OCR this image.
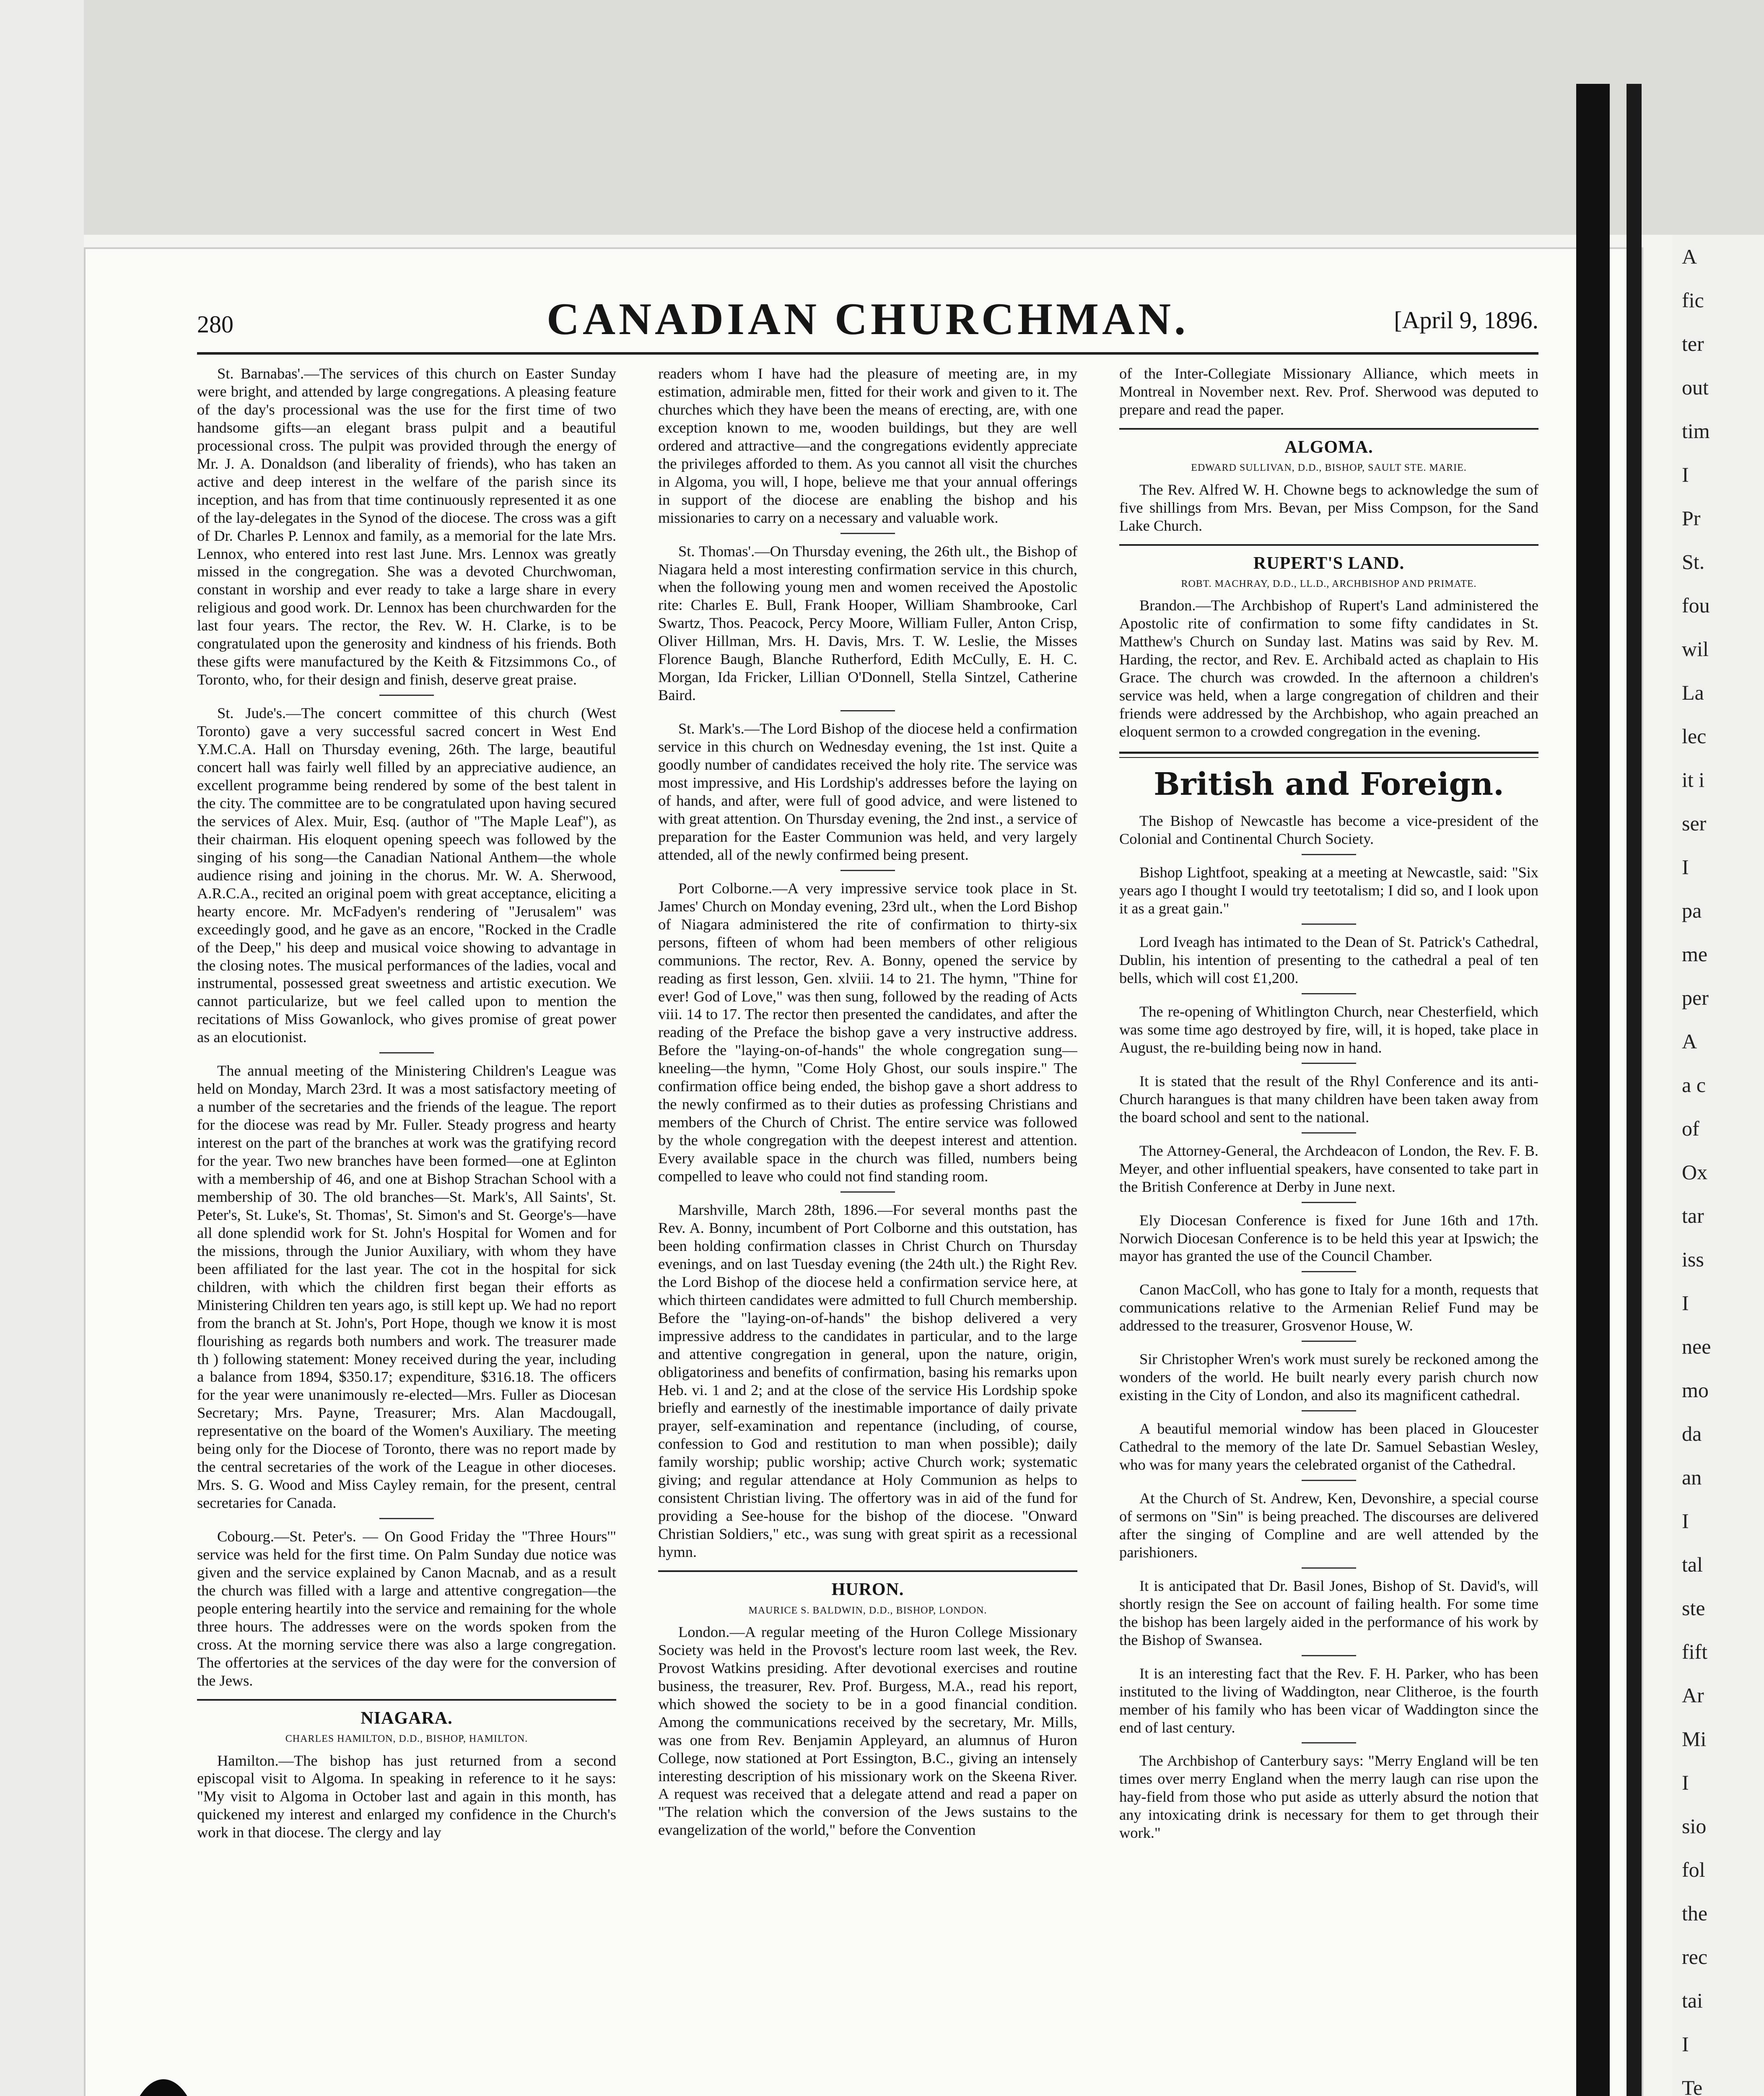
A
fic
ter
out
tim
I
Pr
St.
fou
wil
La
lec
it i
ser
I
pa
me
per
A
a c
of
Ox
tar
iss
I
nee
mo
da
an
I
tal
ste
fift
Ar
Mi
I
sio
fol
the
rec
tai
I
Te
CANADIAN CHURCHMAN.
280	[April 9, 1896.

St. Barnabas'.—The services of this church on Easter Sunday were bright, and attended by large congregations. A pleasing feature of the day's processional was the use for the first time of two handsome gifts—an elegant brass pulpit and a beautiful processional cross. The pulpit was provided through the energy of Mr. J. A. Donaldson (and liberality of friends), who has taken an active and deep interest in the welfare of the parish since its inception, and has from that time continuously represented it as one of the lay-delegates in the Synod of the diocese. The cross was a gift of Dr. Charles P. Lennox and family, as a memorial for the late Mrs. Lennox, who entered into rest last June. Mrs. Lennox was greatly missed in the congregation. She was a devoted Churchwoman, constant in worship and ever ready to take a large share in every religious and good work. Dr. Lennox has been churchwarden for the last four years. The rector, the Rev. W. H. Clarke, is to be congratulated upon the generosity and kindness of his friends. Both these gifts were manufactured by the Keith & Fitzsimmons Co., of Toronto, who, for their design and finish, deserve great praise.

St. Jude's.—The concert committee of this church (West Toronto) gave a very successful sacred concert in West End Y.M.C.A. Hall on Thursday evening, 26th. The large, beautiful concert hall was fairly well filled by an appreciative audience, an excellent programme being rendered by some of the best talent in the city. The committee are to be congratulated upon having secured the services of Alex. Muir, Esq. (author of "The Maple Leaf"), as their chairman. His eloquent opening speech was followed by the singing of his song—the Canadian National Anthem—the whole audience rising and joining in the chorus. Mr. W. A. Sherwood, A.R.C.A., recited an original poem with great acceptance, eliciting a hearty encore. Mr. McFadyen's rendering of "Jerusalem" was exceedingly good, and he gave as an encore, "Rocked in the Cradle of the Deep," his deep and musical voice showing to advantage in the closing notes. The musical performances of the ladies, vocal and instrumental, possessed great sweetness and artistic execution. We cannot particularize, but we feel called upon to mention the recitations of Miss Gowanlock, who gives promise of great power as an elocutionist.

The annual meeting of the Ministering Children's League was held on Monday, March 23rd. It was a most satisfactory meeting of a number of the secretaries and the friends of the league. The report for the diocese was read by Mr. Fuller. Steady progress and hearty interest on the part of the branches at work was the gratifying record for the year. Two new branches have been formed—one at Eglinton with a membership of 46, and one at Bishop Strachan School with a membership of 30. The old branches—St. Mark's, All Saints', St. Peter's, St. Luke's, St. Thomas', St. Simon's and St. George's—have all done splendid work for St. John's Hospital for Women and for the missions, through the Junior Auxiliary, with whom they have been affiliated for the last year. The cot in the hospital for sick children, with which the children first began their efforts as Ministering Children ten years ago, is still kept up. We had no report from the branch at St. John's, Port Hope, though we know it is most flourishing as regards both numbers and work. The treasurer made th ) following statement: Money received during the year, including a balance from 1894, $350.17; expenditure, $316.18. The officers for the year were unanimously re-elected—Mrs. Fuller as Diocesan Secretary; Mrs. Payne, Treasurer; Mrs. Alan Macdougall, representative on the board of the Women's Auxiliary. The meeting being only for the Diocese of Toronto, there was no report made by the central secretaries of the work of the League in other dioceses. Mrs. S. G. Wood and Miss Cayley remain, for the present, central secretaries for Canada.

Cobourg.—St. Peter's. — On Good Friday the "Three Hours'" service was held for the first time. On Palm Sunday due notice was given and the service explained by Canon Macnab, and as a result the church was filled with a large and attentive congregation—the people entering heartily into the service and remaining for the whole three hours. The addresses were on the words spoken from the cross. At the morning service there was also a large congregation. The offertories at the services of the day were for the conversion of the Jews.

NIAGARA.
CHARLES HAMILTON, D.D., BISHOP, HAMILTON.

Hamilton.—The bishop has just returned from a second episcopal visit to Algoma. In speaking in reference to it he says: "My visit to Algoma in October last and again in this month, has quickened my interest and enlarged my confidence in the Church's work in that diocese. The clergy and lay

readers whom I have had the pleasure of meeting are, in my estimation, admirable men, fitted for their work and given to it. The churches which they have been the means of erecting, are, with one exception known to me, wooden buildings, but they are well ordered and attractive—and the congregations evidently appreciate the privileges afforded to them. As you cannot all visit the churches in Algoma, you will, I hope, believe me that your annual offerings in support of the diocese are enabling the bishop and his missionaries to carry on a necessary and valuable work.

St. Thomas'.—On Thursday evening, the 26th ult., the Bishop of Niagara held a most interesting confirmation service in this church, when the following young men and women received the Apostolic rite: Charles E. Bull, Frank Hooper, William Shambrooke, Carl Swartz, Thos. Peacock, Percy Moore, William Fuller, Anton Crisp, Oliver Hillman, Mrs. H. Davis, Mrs. T. W. Leslie, the Misses Florence Baugh, Blanche Rutherford, Edith McCully, E. H. C. Morgan, Ida Fricker, Lillian O'Donnell, Stella Sintzel, Catherine Baird.

St. Mark's.—The Lord Bishop of the diocese held a confirmation service in this church on Wednesday evening, the 1st inst. Quite a goodly number of candidates received the holy rite. The service was most impressive, and His Lordship's addresses before the laying on of hands, and after, were full of good advice, and were listened to with great attention. On Thursday evening, the 2nd inst., a service of preparation for the Easter Communion was held, and very largely attended, all of the newly confirmed being present.

Port Colborne.—A very impressive service took place in St. James' Church on Monday evening, 23rd ult., when the Lord Bishop of Niagara administered the rite of confirmation to thirty-six persons, fifteen of whom had been members of other religious communions. The rector, Rev. A. Bonny, opened the service by reading as first lesson, Gen. xlviii. 14 to 21. The hymn, "Thine for ever! God of Love," was then sung, followed by the reading of Acts viii. 14 to 17. The rector then presented the candidates, and after the reading of the Preface the bishop gave a very instructive address. Before the "laying-on-of-hands" the whole congregation sung—kneeling—the hymn, "Come Holy Ghost, our souls inspire." The confirmation office being ended, the bishop gave a short address to the newly confirmed as to their duties as professing Christians and members of the Church of Christ. The entire service was followed by the whole congregation with the deepest interest and attention. Every available space in the church was filled, numbers being compelled to leave who could not find standing room.

Marshville, March 28th, 1896.—For several months past the Rev. A. Bonny, incumbent of Port Colborne and this outstation, has been holding confirmation classes in Christ Church on Thursday evenings, and on last Tuesday evening (the 24th ult.) the Right Rev. the Lord Bishop of the diocese held a confirmation service here, at which thirteen candidates were admitted to full Church membership. Before the "laying-on-of-hands" the bishop delivered a very impressive address to the candidates in particular, and to the large and attentive congregation in general, upon the nature, origin, obligatoriness and benefits of confirmation, basing his remarks upon Heb. vi. 1 and 2; and at the close of the service His Lordship spoke briefly and earnestly of the inestimable importance of daily private prayer, self-examination and repentance (including, of course, confession to God and restitution to man when possible); daily family worship; public worship; active Church work; systematic giving; and regular attendance at Holy Communion as helps to consistent Christian living. The offertory was in aid of the fund for providing a See-house for the bishop of the diocese. "Onward Christian Soldiers," etc., was sung with great spirit as a recessional hymn.

HURON.
MAURICE S. BALDWIN, D.D., BISHOP, LONDON.

London.—A regular meeting of the Huron College Missionary Society was held in the Provost's lecture room last week, the Rev. Provost Watkins presiding. After devotional exercises and routine business, the treasurer, Rev. Prof. Burgess, M.A., read his report, which showed the society to be in a good financial condition. Among the communications received by the secretary, Mr. Mills, was one from Rev. Benjamin Appleyard, an alumnus of Huron College, now stationed at Port Essington, B.C., giving an intensely interesting description of his missionary work on the Skeena River. A request was received that a delegate attend and read a paper on "The relation which the conversion of the Jews sustains to the evangelization of the world," before the Convention

of the Inter-Collegiate Missionary Alliance, which meets in Montreal in November next. Rev. Prof. Sherwood was deputed to prepare and read the paper.

ALGOMA.
EDWARD SULLIVAN, D.D., BISHOP, SAULT STE. MARIE.

The Rev. Alfred W. H. Chowne begs to acknowledge the sum of five shillings from Mrs. Bevan, per Miss Compson, for the Sand Lake Church.

RUPERT'S LAND.
ROBT. MACHRAY, D.D., LL.D., ARCHBISHOP AND PRIMATE.

Brandon.—The Archbishop of Rupert's Land administered the Apostolic rite of confirmation to some fifty candidates in St. Matthew's Church on Sunday last. Matins was said by Rev. M. Harding, the rector, and Rev. E. Archibald acted as chaplain to His Grace. The church was crowded. In the afternoon a children's service was held, when a large congregation of children and their friends were addressed by the Archbishop, who again preached an eloquent sermon to a crowded congregation in the evening.

British and Foreign.

The Bishop of Newcastle has become a vice-president of the Colonial and Continental Church Society.

Bishop Lightfoot, speaking at a meeting at Newcastle, said: "Six years ago I thought I would try teetotalism; I did so, and I look upon it as a great gain."

Lord Iveagh has intimated to the Dean of St. Patrick's Cathedral, Dublin, his intention of presenting to the cathedral a peal of ten bells, which will cost £1,200.

The re-opening of Whitlington Church, near Chesterfield, which was some time ago destroyed by fire, will, it is hoped, take place in August, the re-building being now in hand.

It is stated that the result of the Rhyl Conference and its anti-Church harangues is that many children have been taken away from the board school and sent to the national.

The Attorney-General, the Archdeacon of London, the Rev. F. B. Meyer, and other influential speakers, have consented to take part in the British Conference at Derby in June next.

Ely Diocesan Conference is fixed for June 16th and 17th. Norwich Diocesan Conference is to be held this year at Ipswich; the mayor has granted the use of the Council Chamber.

Canon MacColl, who has gone to Italy for a month, requests that communications relative to the Armenian Relief Fund may be addressed to the treasurer, Grosvenor House, W.

Sir Christopher Wren's work must surely be reckoned among the wonders of the world. He built nearly every parish church now existing in the City of London, and also its magnificent cathedral.

A beautiful memorial window has been placed in Gloucester Cathedral to the memory of the late Dr. Samuel Sebastian Wesley, who was for many years the celebrated organist of the Cathedral.

At the Church of St. Andrew, Ken, Devonshire, a special course of sermons on "Sin" is being preached. The discourses are delivered after the singing of Compline and are well attended by the parishioners.

It is anticipated that Dr. Basil Jones, Bishop of St. David's, will shortly resign the See on account of failing health. For some time the bishop has been largely aided in the performance of his work by the Bishop of Swansea.

It is an interesting fact that the Rev. F. H. Parker, who has been instituted to the living of Waddington, near Clitheroe, is the fourth member of his family who has been vicar of Waddington since the end of last century.

The Archbishop of Canterbury says: "Merry England will be ten times over merry England when the merry laugh can rise upon the hay-field from those who put aside as utterly absurd the notion that any intoxicating drink is necessary for them to get through their work."
